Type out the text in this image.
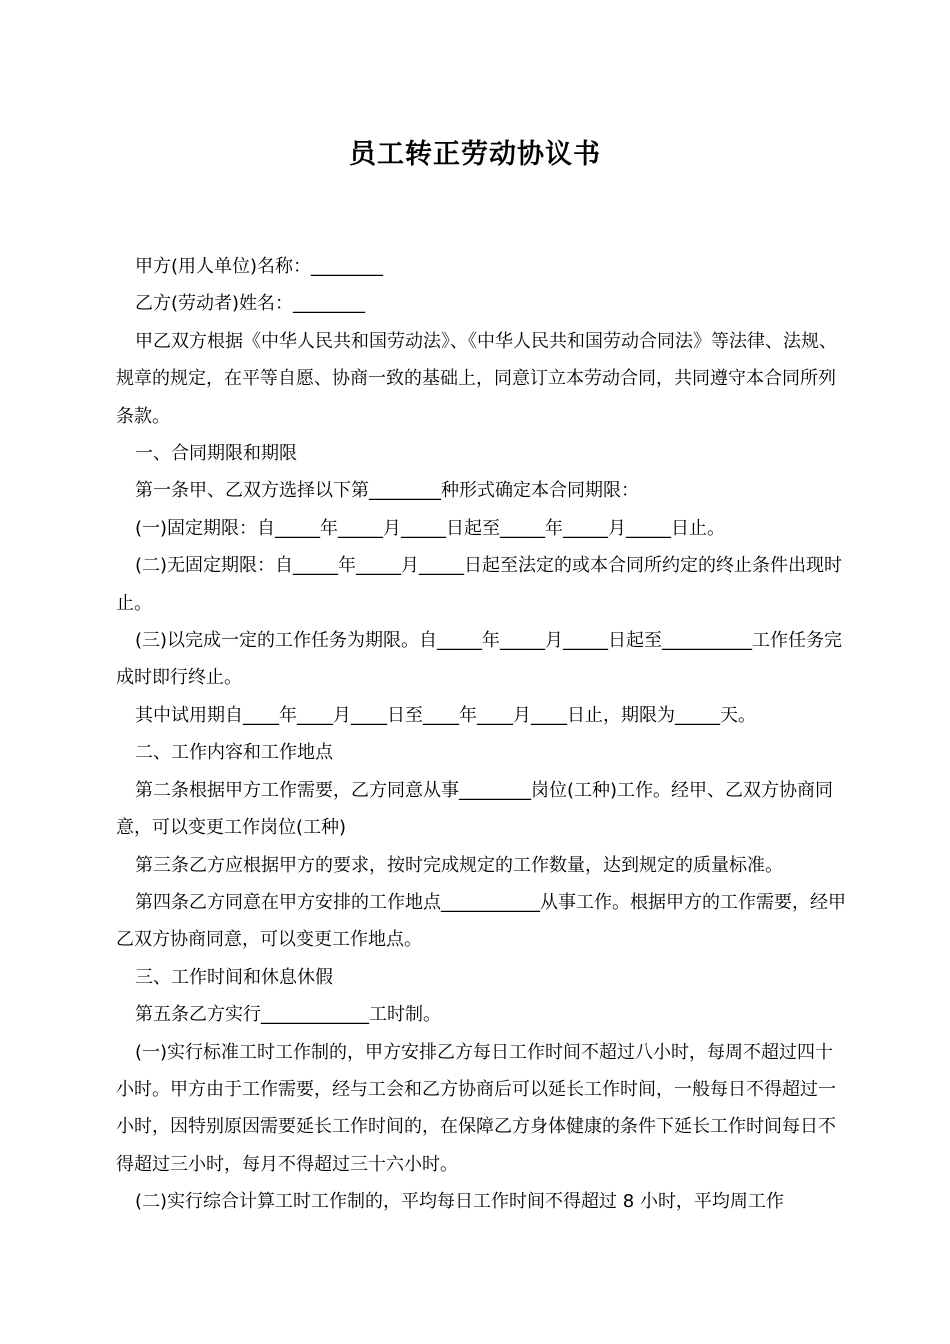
员工转正劳动协议书

甲方(用人单位)名称：________

乙方(劳动者)姓名：________

甲乙双方根据《中华人民共和国劳动法》、《中华人民共和国劳动合同法》等法律、法规、规章的规定，在平等自愿、协商一致的基础上，同意订立本劳动合同，共同遵守本合同所列条款。

一、合同期限和期限

第一条甲、乙双方选择以下第________种形式确定本合同期限：

(一)固定期限：自_____年_____月_____日起至_____年_____月_____日止。

(二)无固定期限：自_____年_____月_____日起至法定的或本合同所约定的终止条件出现时止。

(三)以完成一定的工作任务为期限。自_____年_____月_____日起至__________工作任务完成时即行终止。

其中试用期自____年____月____日至____年____月____日止，期限为_____天。

二、工作内容和工作地点

第二条根据甲方工作需要，乙方同意从事________岗位(工种)工作。经甲、乙双方协商同意，可以变更工作岗位(工种)

第三条乙方应根据甲方的要求，按时完成规定的工作数量，达到规定的质量标准。

第四条乙方同意在甲方安排的工作地点___________从事工作。根据甲方的工作需要，经甲乙双方协商同意，可以变更工作地点。

三、工作时间和休息休假

第五条乙方实行____________工时制。

(一)实行标准工时工作制的，甲方安排乙方每日工作时间不超过八小时，每周不超过四十小时。甲方由于工作需要，经与工会和乙方协商后可以延长工作时间，一般每日不得超过一小时，因特别原因需要延长工作时间的，在保障乙方身体健康的条件下延长工作时间每日不得超过三小时，每月不得超过三十六小时。

(二)实行综合计算工时工作制的，平均每日工作时间不得超过 8 小时，平均周工作
